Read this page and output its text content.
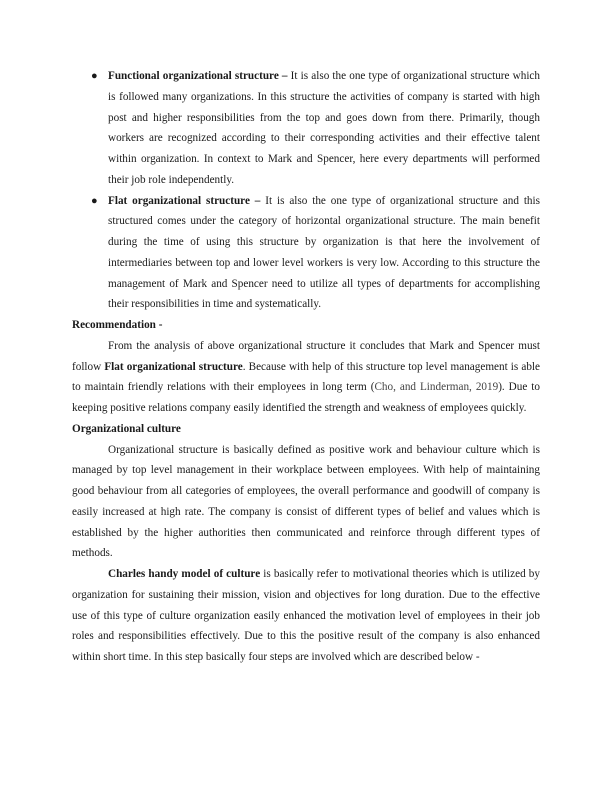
● Functional organizational structure – It is also the one type of organizational structure which is followed many organizations. In this structure the activities of company is started with high post and higher responsibilities from the top and goes down from there. Primarily, though workers are recognized according to their corresponding activities and their effective talent within organization. In context to Mark and Spencer, here every departments will performed their job role independently.
● Flat organizational structure – It is also the one type of organizational structure and this structured comes under the category of horizontal organizational structure. The main benefit during the time of using this structure by organization is that here the involvement of intermediaries between top and lower level workers is very low. According to this structure the management of Mark and Spencer need to utilize all types of departments for accomplishing their responsibilities in time and systematically.

Recommendation -

From the analysis of above organizational structure it concludes that Mark and Spencer must follow Flat organizational structure. Because with help of this structure top level management is able to maintain friendly relations with their employees in long term (Cho, and Linderman, 2019). Due to keeping positive relations company easily identified the strength and weakness of employees quickly.

Organizational culture

Organizational structure is basically defined as positive work and behaviour culture which is managed by top level management in their workplace between employees. With help of maintaining good behaviour from all categories of employees, the overall performance and goodwill of company is easily increased at high rate. The company is consist of different types of belief and values which is established by the higher authorities then communicated and reinforce through different types of methods.

Charles handy model of culture is basically refer to motivational theories which is utilized by organization for sustaining their mission, vision and objectives for long duration. Due to the effective use of this type of culture organization easily enhanced the motivation level of employees in their job roles and responsibilities effectively. Due to this the positive result of the company is also enhanced within short time. In this step basically four steps are involved which are described below -
